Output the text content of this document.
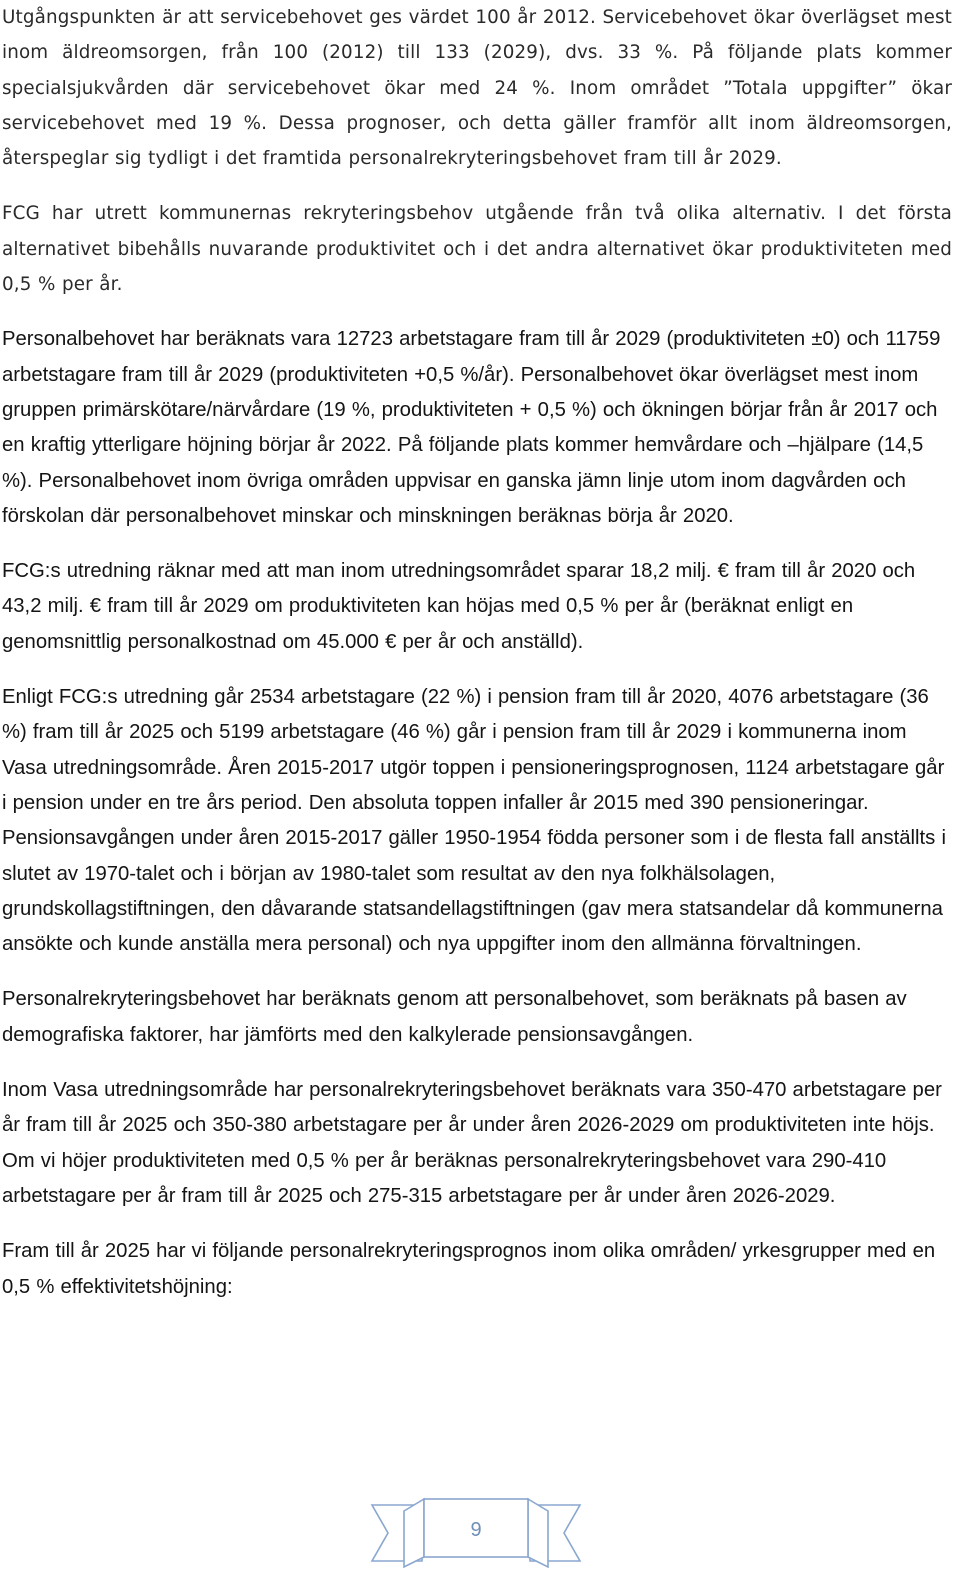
Utgångspunkten är att servicebehovet ges värdet 100 år 2012. Servicebehovet ökar överlägset mest inom äldreomsorgen, från 100 (2012) till 133 (2029), dvs. 33 %. På följande plats kommer specialsjukvården där servicebehovet ökar med 24 %. Inom området ”Totala uppgifter” ökar servicebehovet med 19 %. Dessa prognoser, och detta gäller framför allt inom äldreomsorgen, återspeglar sig tydligt i det framtida personalrekryteringsbehovet fram till år 2029.

FCG har utrett kommunernas rekryteringsbehov utgående från två olika alternativ. I det första alternativet bibehålls nuvarande produktivitet och i det andra alternativet ökar produktiviteten med 0,5 % per år.

Personalbehovet har beräknats vara 12723 arbetstagare fram till år 2029 (produktiviteten ±0) och 11759 arbetstagare fram till år 2029 (produktiviteten +0,5 %/år). Personalbehovet ökar överlägset mest inom gruppen primärskötare/närvårdare (19 %, produktiviteten + 0,5 %) och ökningen börjar från år 2017 och en kraftig ytterligare höjning börjar år 2022. På följande plats kommer hemvårdare och –hjälpare (14,5 %). Personalbehovet inom övriga områden uppvisar en ganska jämn linje utom inom dagvården och förskolan där personalbehovet minskar och minskningen beräknas börja år 2020.

FCG:s utredning räknar med att man inom utredningsområdet sparar 18,2 milj. € fram till år 2020 och 43,2 milj. € fram till år 2029 om produktiviteten kan höjas med 0,5 % per år (beräknat enligt en genomsnittlig personalkostnad om 45.000 € per år och anställd).

Enligt FCG:s utredning går 2534 arbetstagare (22 %) i pension fram till år 2020, 4076 arbetstagare (36 %) fram till år 2025 och 5199 arbetstagare (46 %) går i pension fram till år 2029 i kommunerna inom Vasa utredningsområde. Åren 2015-2017 utgör toppen i pensioneringsprognosen, 1124 arbetstagare går i pension under en tre års period. Den absoluta toppen infaller år 2015 med 390 pensioneringar. Pensionsavgången under åren 2015-2017 gäller 1950-1954 födda personer som i de flesta fall anställts i slutet av 1970-talet och i början av 1980-talet som resultat av den nya folkhälsolagen, grundskollagstiftningen, den dåvarande statsandellagstiftningen (gav mera statsandelar då kommunerna ansökte och kunde anställa mera personal) och nya uppgifter inom den allmänna förvaltningen.

Personalrekryteringsbehovet har beräknats genom att personalbehovet, som beräknats på basen av demografiska faktorer, har jämförts med den kalkylerade pensionsavgången.

Inom Vasa utredningsområde har personalrekryteringsbehovet beräknats vara 350-470 arbetstagare per år fram till år 2025 och 350-380 arbetstagare per år under åren 2026-2029 om produktiviteten inte höjs. Om vi höjer produktiviteten med 0,5 % per år beräknas personalrekryteringsbehovet vara 290-410 arbetstagare per år fram till år 2025 och 275-315 arbetstagare per år under åren 2026-2029.

Fram till år 2025 har vi följande personalrekryteringsprognos inom olika områden/ yrkesgrupper med en 0,5 % effektivitetshöjning:

9
